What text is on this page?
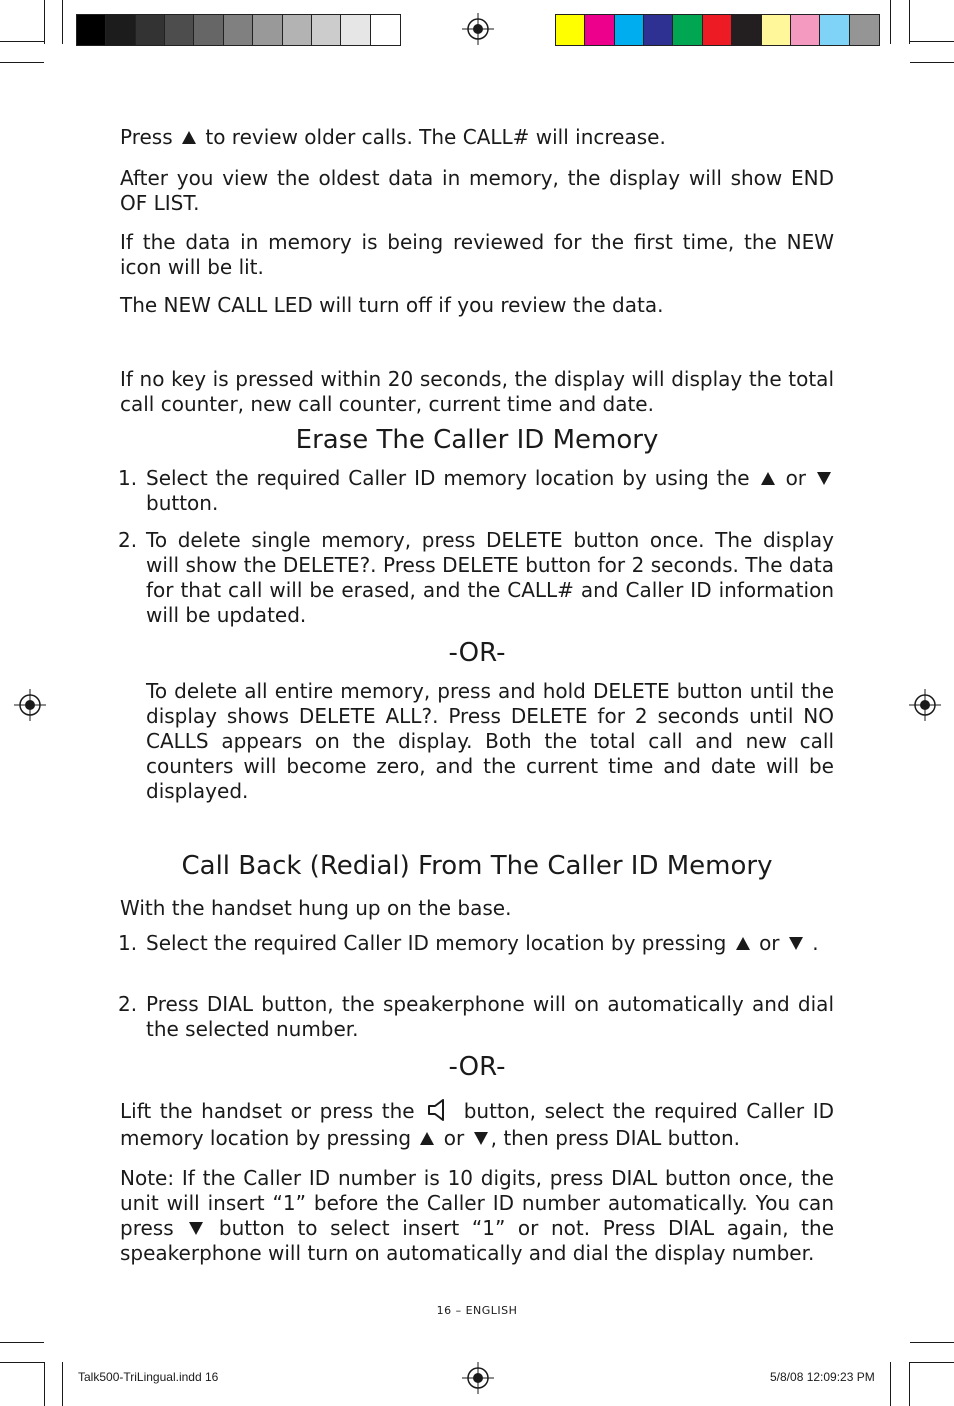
Press to review older calls. The CALL# will increase.
After you view the oldest data in memory, the display will show END OF LIST.
If the data in memory is being reviewed for the first time, the NEW icon will be lit.
The NEW CALL LED will turn off if you review the data.
If no key is pressed within 20 seconds, the display will display the total call counter, new call counter, current time and date.
Erase The Caller ID Memory
1. Select the required Caller ID memory location by using the or  button.
2. To delete single memory, press DELETE button once. The display will show the DELETE?. Press DELETE button for 2 seconds. The data for that call will be erased, and the CALL# and Caller ID information will be updated.
-OR-
To delete all entire memory, press and hold DELETE button until the display shows DELETE ALL?. Press DELETE for 2 seconds until NO CALLS appears on the display. Both the total call and new call counters will become zero, and the current time and date will be displayed.
Call Back (Redial) From The Caller ID Memory
With the handset hung up on the base.
1. Select the required Caller ID memory location by pressing or .
2. Press DIAL button, the speakerphone will on automatically and dial the selected number.
-OR-
Lift the handset or press the button, select the required Caller ID memory location by pressing or , then press DIAL button.
Note: If the Caller ID number is 10 digits, press DIAL button once, the unit will insert “1” before the Caller ID number automatically. You can press button to select insert “1” or not. Press DIAL again, the speakerphone will turn on automatically and dial the display number.
16 – ENGLISH
Talk500-TriLingual.indd 16	5/8/08 12:09:23 PM
